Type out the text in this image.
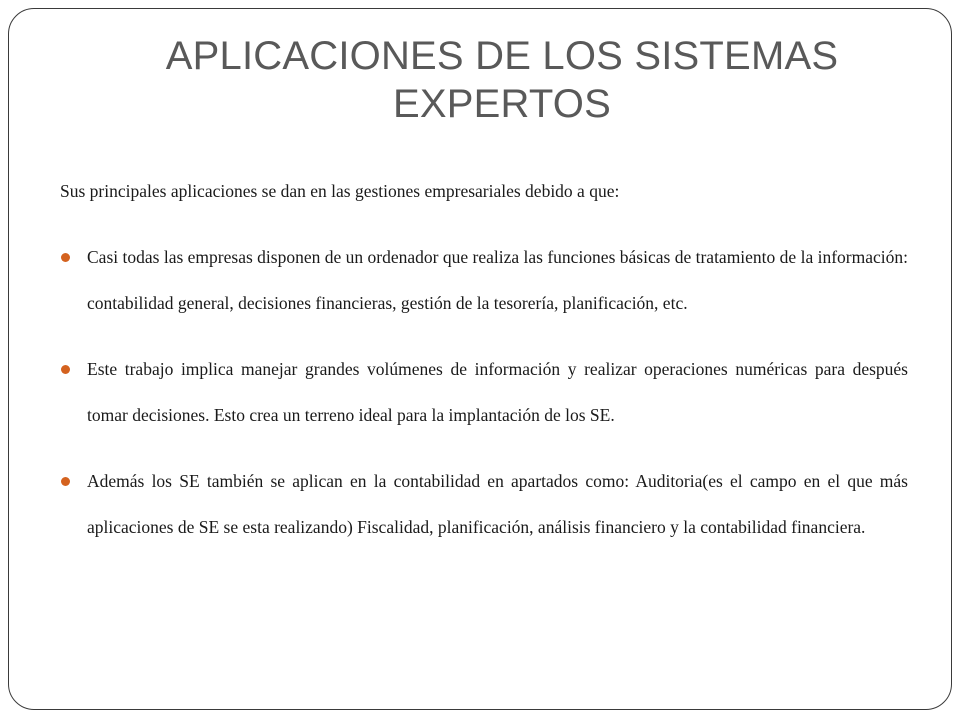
APLICACIONES DE LOS SISTEMAS
EXPERTOS

Sus principales aplicaciones se dan en las gestiones empresariales debido a que:

Casi todas las empresas disponen de un ordenador que realiza las funciones básicas de tratamiento de la información: contabilidad general, decisiones financieras, gestión de la tesorería, planificación, etc.
Este trabajo implica manejar grandes volúmenes de información y realizar operaciones numéricas para después tomar decisiones. Esto crea un terreno ideal para la implantación de los SE.
Además los SE también se aplican en la contabilidad en apartados como: Auditoria(es el campo en el que más aplicaciones de SE se esta realizando) Fiscalidad, planificación, análisis financiero y la contabilidad financiera.
